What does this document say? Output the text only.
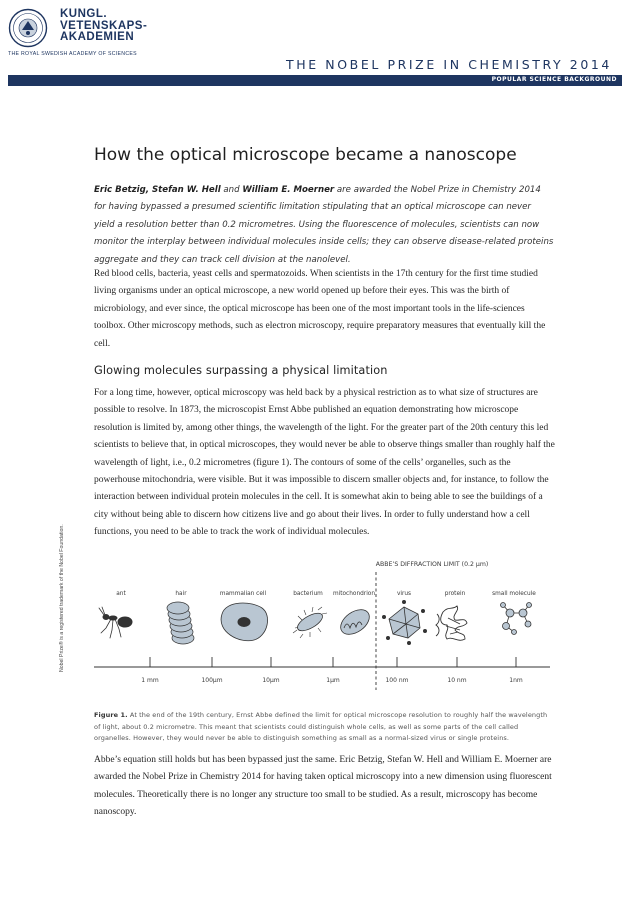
KUNGL.
VETENSKAPS-
AKADEMIEN
THE ROYAL SWEDISH ACADEMY OF SCIENCES
THE NOBEL PRIZE IN CHEMISTRY 2014
POPULAR SCIENCE BACKGROUND
Nobel Prize® is a registered trademark of the Nobel Foundation.
How the optical microscope became a nanoscope
Eric Betzig, Stefan W. Hell and William E. Moerner are awarded the Nobel Prize in Chemistry 2014 for having bypassed a presumed scientific limitation stipulating that an optical microscope can never yield a resolution better than 0.2 micrometres. Using the fluorescence of molecules, scientists can now monitor the interplay between individual molecules inside cells; they can observe disease-related proteins aggregate and they can track cell division at the nanolevel.
Red blood cells, bacteria, yeast cells and spermatozoids. When scientists in the 17th century for the first time studied living organisms under an optical microscope, a new world opened up before their eyes. This was the birth of microbiology, and ever since, the optical microscope has been one of the most important tools in the life-sciences toolbox. Other microscopy methods, such as electron microscopy, require preparatory measures that eventually kill the cell.
Glowing molecules surpassing a physical limitation
For a long time, however, optical microscopy was held back by a physical restriction as to what size of structures are possible to resolve. In 1873, the microscopist Ernst Abbe published an equation demonstrating how microscope resolution is limited by, among other things, the wavelength of the light. For the greater part of the 20th century this led scientists to believe that, in optical microscopes, they would never be able to observe things smaller than roughly half the wavelength of light, i.e., 0.2 micrometres (figure 1). The contours of some of the cells’ organelles, such as the powerhouse mitochondria, were visible. But it was impossible to discern smaller objects and, for instance, to follow the interaction between individual protein molecules in the cell. It is somewhat akin to being able to see the buildings of a city without being able to discern how citizens live and go about their lives. In order to fully understand how a cell functions, you need to be able to track the work of individual molecules.
ABBE’S DIFFRACTION LIMIT (0.2 μm)
ant	hair	mammalian cell	bacterium mitochondrion	virus	protein	small molecule
1 mm	100μm	10μm	1μm	100 nm	10 nm	1nm
Figure 1. At the end of the 19th century, Ernst Abbe defined the limit for optical microscope resolution to roughly half the wavelength of light, about 0.2 micrometre. This meant that scientists could distinguish whole cells, as well as some parts of the cell called organelles. However, they would never be able to distinguish something as small as a normal-sized virus or single proteins.
Abbe’s equation still holds but has been bypassed just the same. Eric Betzig, Stefan W. Hell and William E. Moerner are awarded the Nobel Prize in Chemistry 2014 for having taken optical microscopy into a new dimension using fluorescent molecules. Theoretically there is no longer any structure too small to be studied. As a result, microscopy has become nanoscopy.
